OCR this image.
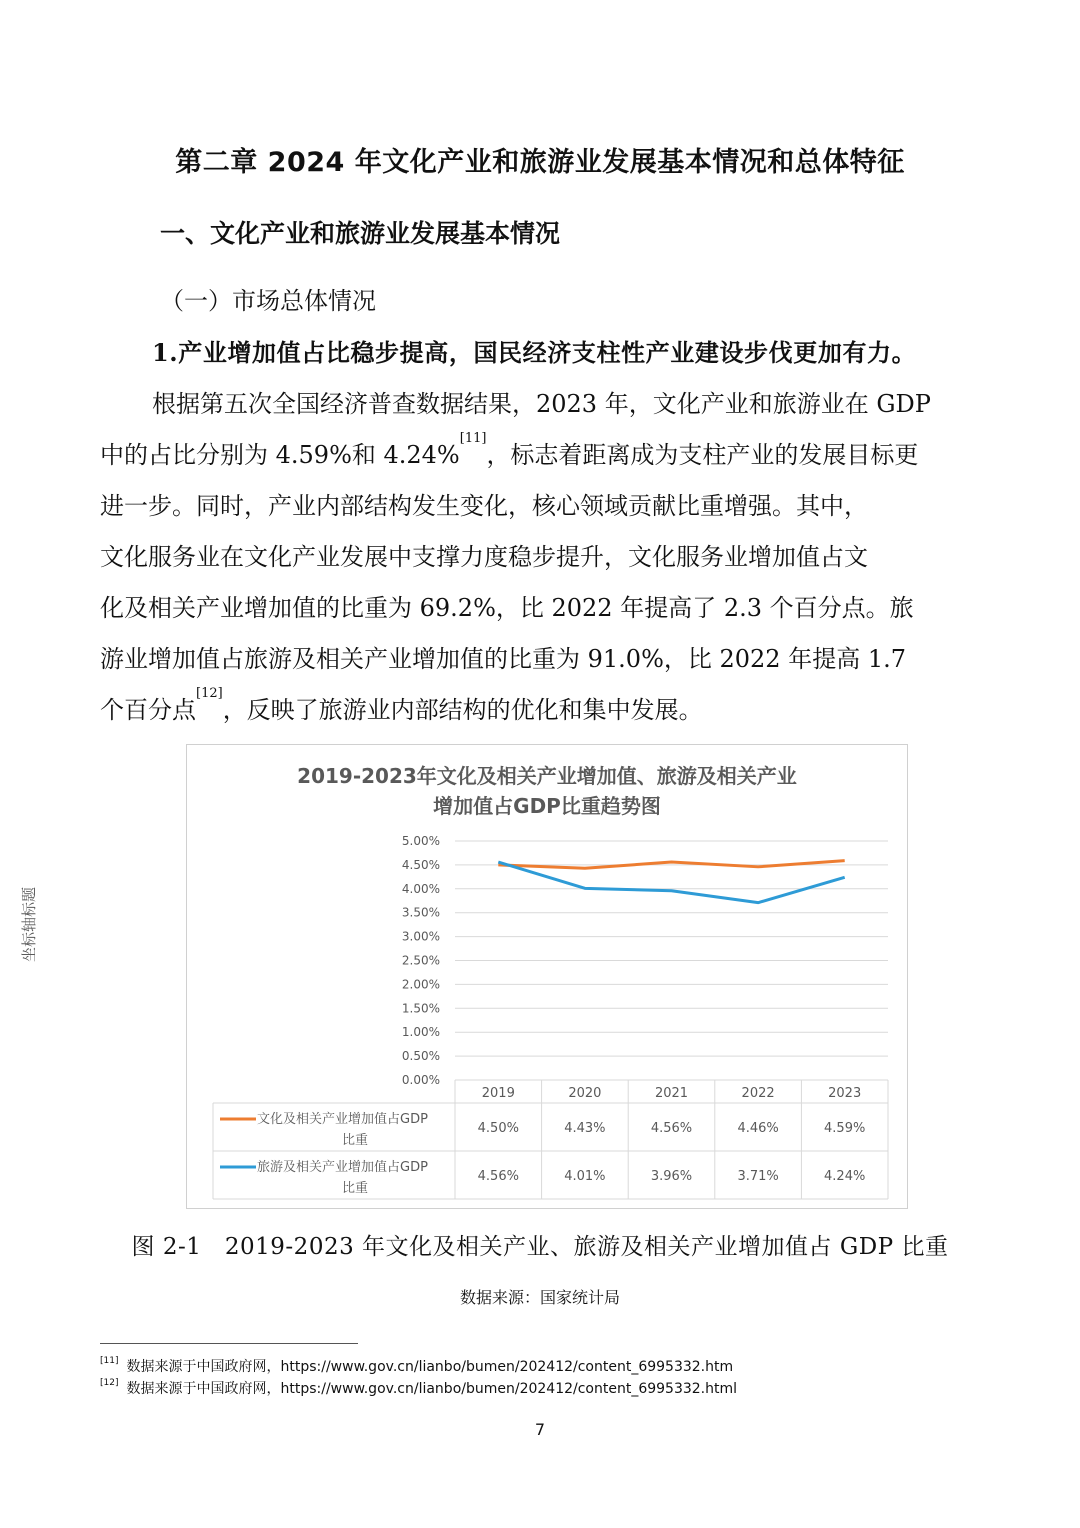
第二章 2024 年文化产业和旅游业发展基本情况和总体特征
一、文化产业和旅游业发展基本情况
（一）市场总体情况
1.产业增加值占比稳步提高，国民经济支柱性产业建设步伐更加有力。
根据第五次全国经济普查数据结果，2023 年，文化产业和旅游业在 GDP
中的占比分别为 4.59%和 4.24%[11]，标志着距离成为支柱产业的发展目标更
进一步。同时，产业内部结构发生变化，核心领域贡献比重增强。其中，
文化服务业在文化产业发展中支撑力度稳步提升，文化服务业增加值占文
化及相关产业增加值的比重为 69.2%，比 2022 年提高了 2.3 个百分点。旅
游业增加值占旅游及相关产业增加值的比重为 91.0%，比 2022 年提高 1.7
个百分点[12]，反映了旅游业内部结构的优化和集中发展。
2019-2023年文化及相关产业增加值、旅游及相关产业
增加值占GDP比重趋势图
坐标轴标题
0.00%
0.50%
1.00%
1.50%
2.00%
2.50%
3.00%
3.50%
4.00%
4.50%
5.00%
2019	2020	2021	2022	2023
文化及相关产业增加值占GDP
比重
4.50%	4.43%	4.56%	4.46%	4.59%
旅游及相关产业增加值占GDP
比重
4.56%	4.01%	3.96%	3.71%	4.24%
图 2-1　2019-2023 年文化及相关产业、旅游及相关产业增加值占 GDP 比重
数据来源：国家统计局
[11] 数据来源于中国政府网，https://www.gov.cn/lianbo/bumen/202412/content_6995332.htm
[12] 数据来源于中国政府网，https://www.gov.cn/lianbo/bumen/202412/content_6995332.html
7
